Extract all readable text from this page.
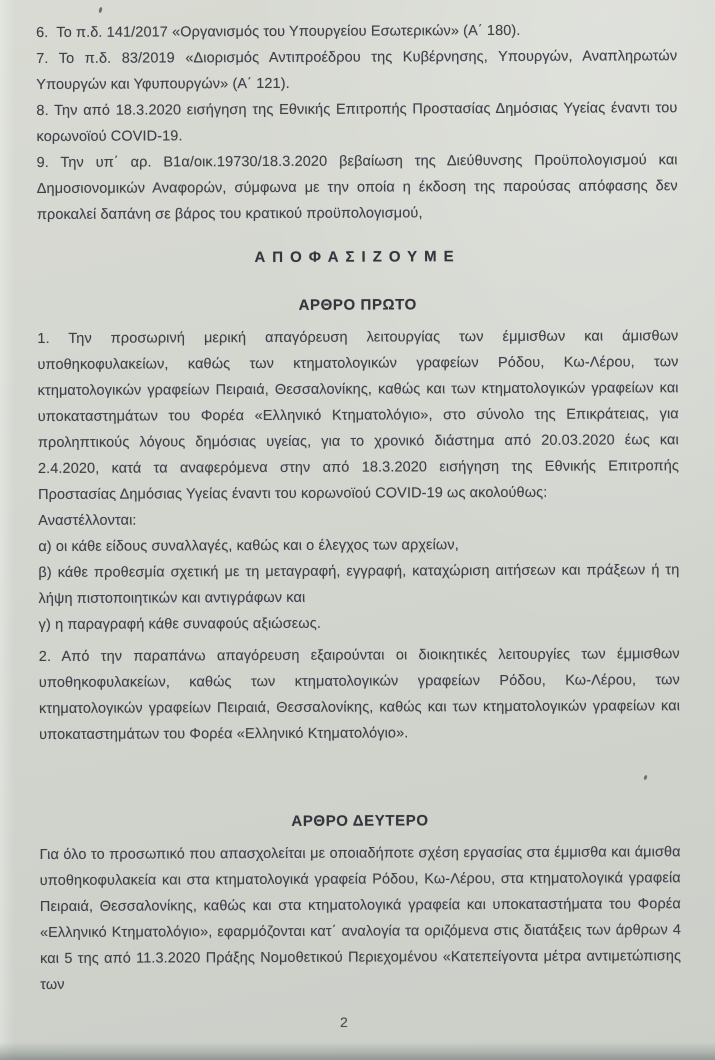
6.  Το π.δ. 141/2017 «Οργανισμός του Υπουργείου Εσωτερικών» (Α΄ 180).

7. Το π.δ. 83/2019 «Διορισμός Αντιπροέδρου της Κυβέρνησης, Υπουργών, Αναπληρωτών Υπουργών και Υφυπουργών» (Α΄ 121).

8. Την από 18.3.2020 εισήγηση της Εθνικής Επιτροπής Προστασίας Δημόσιας Υγείας έναντι του κορωνοϊού COVID-19.

9. Την υπ΄ αρ. Β1α/οικ.19730/18.3.2020 βεβαίωση της Διεύθυνσης Προϋπολογισμού και Δημοσιονομικών Αναφορών, σύμφωνα με την οποία η έκδοση της παρούσας απόφασης δεν προκαλεί δαπάνη σε βάρος του κρατικού προϋπολογισμού,

ΑΠΟΦΑΣΙΖΟΥΜΕ

ΑΡΘΡΟ ΠΡΩΤΟ

1. Την προσωρινή μερική απαγόρευση λειτουργίας των έμμισθων και άμισθων υποθηκοφυλακείων, καθώς των κτηματολογικών γραφείων Ρόδου, Κω-Λέρου, των κτηματολογικών γραφείων Πειραιά, Θεσσαλονίκης, καθώς και των κτηματολογικών γραφείων και υποκαταστημάτων του Φορέα «Ελληνικό Κτηματολόγιο», στο σύνολο της Επικράτειας, για προληπτικούς λόγους δημόσιας υγείας, για το χρονικό διάστημα από 20.03.2020 έως και 2.4.2020, κατά τα αναφερόμενα στην από 18.3.2020 εισήγηση της Εθνικής Επιτροπής Προστασίας Δημόσιας Υγείας έναντι του κορωνοϊού COVID-19 ως ακολούθως:

Αναστέλλονται:

α) οι κάθε είδους συναλλαγές, καθώς και ο έλεγχος των αρχείων,

β) κάθε προθεσμία σχετική με τη μεταγραφή, εγγραφή, καταχώριση αιτήσεων και πράξεων ή τη λήψη πιστοποιητικών και αντιγράφων και

γ) η παραγραφή κάθε συναφούς αξιώσεως.

2. Από την παραπάνω απαγόρευση εξαιρούνται οι διοικητικές λειτουργίες των έμμισθων υποθηκοφυλακείων, καθώς των κτηματολογικών γραφείων Ρόδου, Κω-Λέρου, των κτηματολογικών γραφείων Πειραιά, Θεσσαλονίκης, καθώς και των κτηματολογικών γραφείων και υποκαταστημάτων του Φορέα «Ελληνικό Κτηματολόγιο».

ΑΡΘΡΟ ΔΕΥΤΕΡΟ

Για όλο το προσωπικό που απασχολείται με οποιαδήποτε σχέση εργασίας στα έμμισθα και άμισθα υποθηκοφυλακεία και στα κτηματολογικά γραφεία Ρόδου, Κω-Λέρου, στα κτηματολογικά γραφεία Πειραιά, Θεσσαλονίκης, καθώς και στα κτηματολογικά γραφεία και υποκαταστήματα του Φορέα «Ελληνικό Κτηματολόγιο», εφαρμόζονται κατ΄ αναλογία τα οριζόμενα στις διατάξεις των άρθρων 4 και 5 της από 11.3.2020 Πράξης Νομοθετικού Περιεχομένου «Κατεπείγοντα μέτρα αντιμετώπισης των

2
